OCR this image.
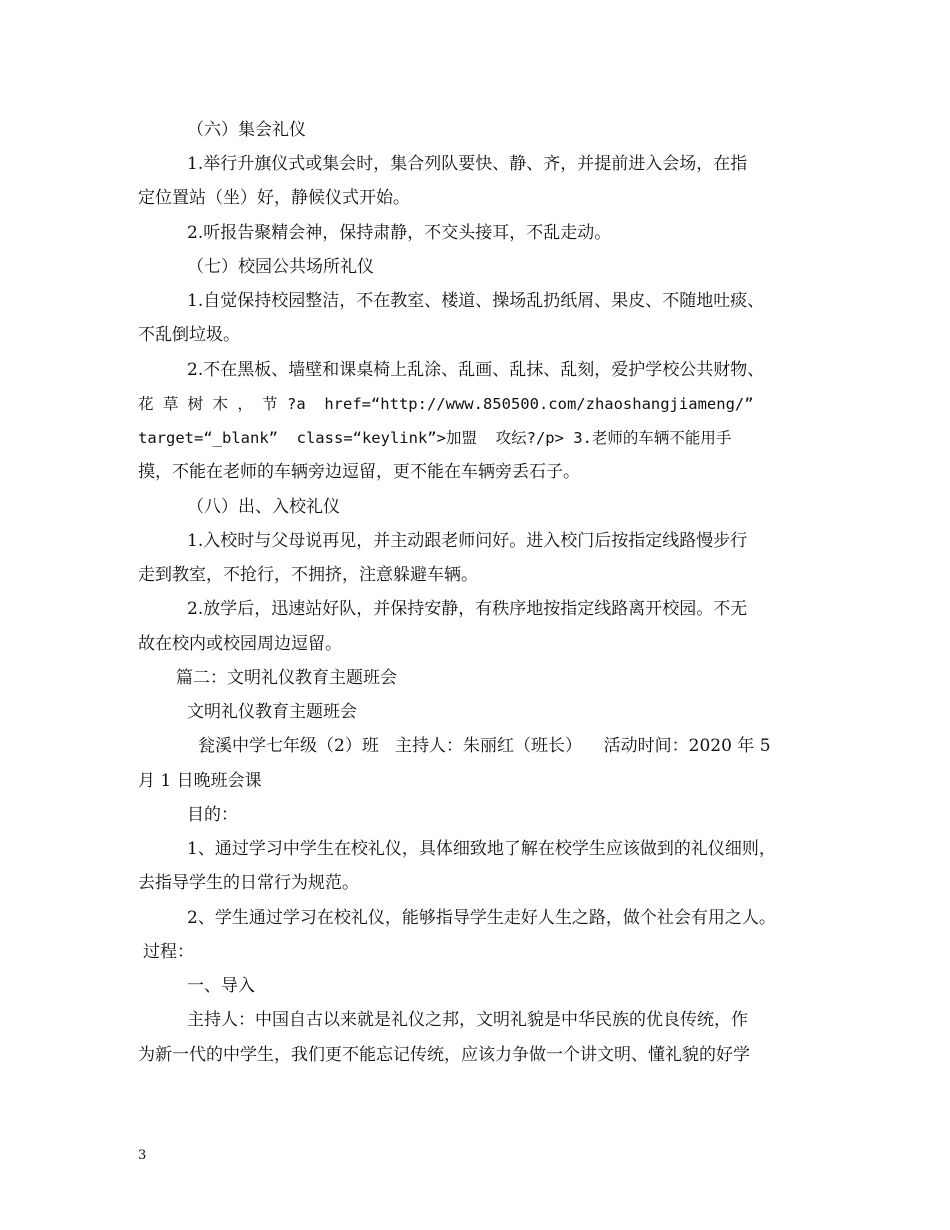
（六）集会礼仪
1.举行升旗仪式或集会时，集合列队要快、静、齐，并提前进入会场，在指
定位置站（坐）好，静候仪式开始。
2.听报告聚精会神，保持肃静，不交头接耳，不乱走动。
（七）校园公共场所礼仪
1.自觉保持校园整洁，不在教室、楼道、操场乱扔纸屑、果皮、不随地吐痰、
不乱倒垃圾。
2.不在黑板、墙壁和课桌椅上乱涂、乱画、乱抹、乱刻，爱护学校公共财物、
花 草 树 木 ， 节 ?a  href=“http://www.850500.com/zhaoshangjiameng/”
target=“_blank”  class=“keylink”>加盟  攻纭?/p> 3.老师的车辆不能用手
摸，不能在老师的车辆旁边逗留，更不能在车辆旁丢石子。
（八）出、入校礼仪
1.入校时与父母说再见，并主动跟老师问好。进入校门后按指定线路慢步行
走到教室，不抢行，不拥挤，注意躲避车辆。
2.放学后，迅速站好队，并保持安静，有秩序地按指定线路离开校园。不无
故在校内或校园周边逗留。
篇二：文明礼仪教育主题班会
文明礼仪教育主题班会
瓮溪中学七年级（2）班   主持人：朱丽红（班长）    活动时间：2020 年 5
月 1 日晚班会课
目的：
1、通过学习中学生在校礼仪，具体细致地了解在校学生应该做到的礼仪细则，
去指导学生的日常行为规范。
2、学生通过学习在校礼仪，能够指导学生走好人生之路，做个社会有用之人。
过程：
一、导入
主持人：中国自古以来就是礼仪之邦，文明礼貌是中华民族的优良传统，作
为新一代的中学生，我们更不能忘记传统，应该力争做一个讲文明、懂礼貌的好学
3
